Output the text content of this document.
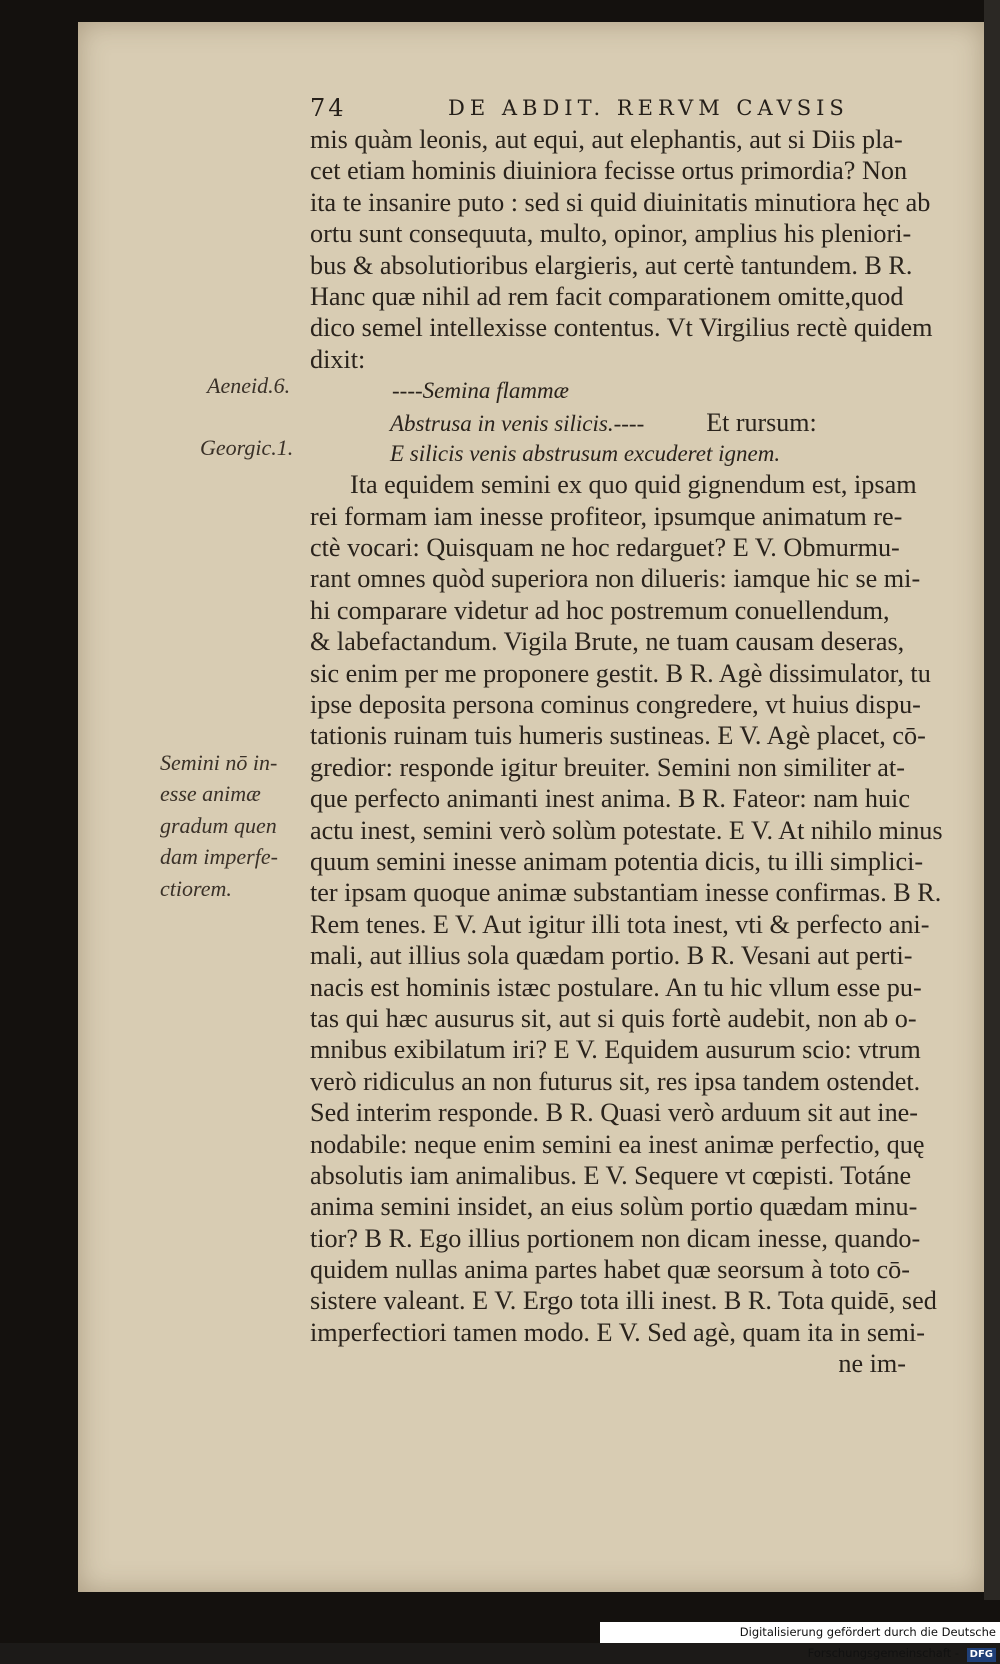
74	DE ABDIT. RERVM CAVSIS
Aeneid.6.
Georgic.1.
Semini nō in-
esse animæ
gradum quen
dam imperfe-
ctiorem.
mis quàm leonis, aut equi, aut elephantis, aut si Diis pla-
cet etiam hominis diuiniora fecisse ortus primordia? Non
ita te insanire puto : sed si quid diuinitatis minutiora hęc ab
ortu sunt consequuta, multo, opinor, amplius his pleniori-
bus & absolutioribus elargieris, aut certè tantundem. B R.
Hanc quæ nihil ad rem facit comparationem omitte,quod
dico semel intellexisse contentus. Vt Virgilius rectè quidem
dixit:
----Semina flammæ
Abstrusa in venis silicis.---- Et rursum:
E silicis venis abstrusum excuderet ignem.
Ita equidem semini ex quo quid gignendum est, ipsam
rei formam iam inesse profiteor, ipsumque animatum re-
ctè vocari: Quisquam ne hoc redarguet? E V. Obmurmu-
rant omnes quòd superiora non dilueris: iamque hic se mi-
hi comparare videtur ad hoc postremum conuellendum,
& labefactandum. Vigila Brute, ne tuam causam deseras,
sic enim per me proponere gestit. B R. Agè dissimulator, tu
ipse deposita persona cominus congredere, vt huius dispu-
tationis ruinam tuis humeris sustineas. E V. Agè placet, cō-
gredior: responde igitur breuiter. Semini non similiter at-
que perfecto animanti inest anima. B R. Fateor: nam huic
actu inest, semini verò solùm potestate. E V. At nihilo minus
quum semini inesse animam potentia dicis, tu illi simplici-
ter ipsam quoque animæ substantiam inesse confirmas. B R.
Rem tenes. E V. Aut igitur illi tota inest, vti & perfecto ani-
mali, aut illius sola quædam portio. B R. Vesani aut perti-
nacis est hominis istæc postulare. An tu hic vllum esse pu-
tas qui hæc ausurus sit, aut si quis fortè audebit, non ab o-
mnibus exibilatum iri? E V. Equidem ausurum scio: vtrum
verò ridiculus an non futurus sit, res ipsa tandem ostendet.
Sed interim responde. B R. Quasi verò arduum sit aut ine-
nodabile: neque enim semini ea inest animæ perfectio, quę
absolutis iam animalibus. E V. Sequere vt cœpisti. Totáne
anima semini insidet, an eius solùm portio quædam minu-
tior? B R. Ego illius portionem non dicam inesse, quando-
quidem nullas anima partes habet quæ seorsum à toto cō-
sistere valeant. E V. Ergo tota illi inest. B R. Tota quidē, sed
imperfectiori tamen modo. E V. Sed agè, quam ita in semi-
ne im-
Digitalisierung gefördert durch die Deutsche Forschungsgemeinschaft - DFG
